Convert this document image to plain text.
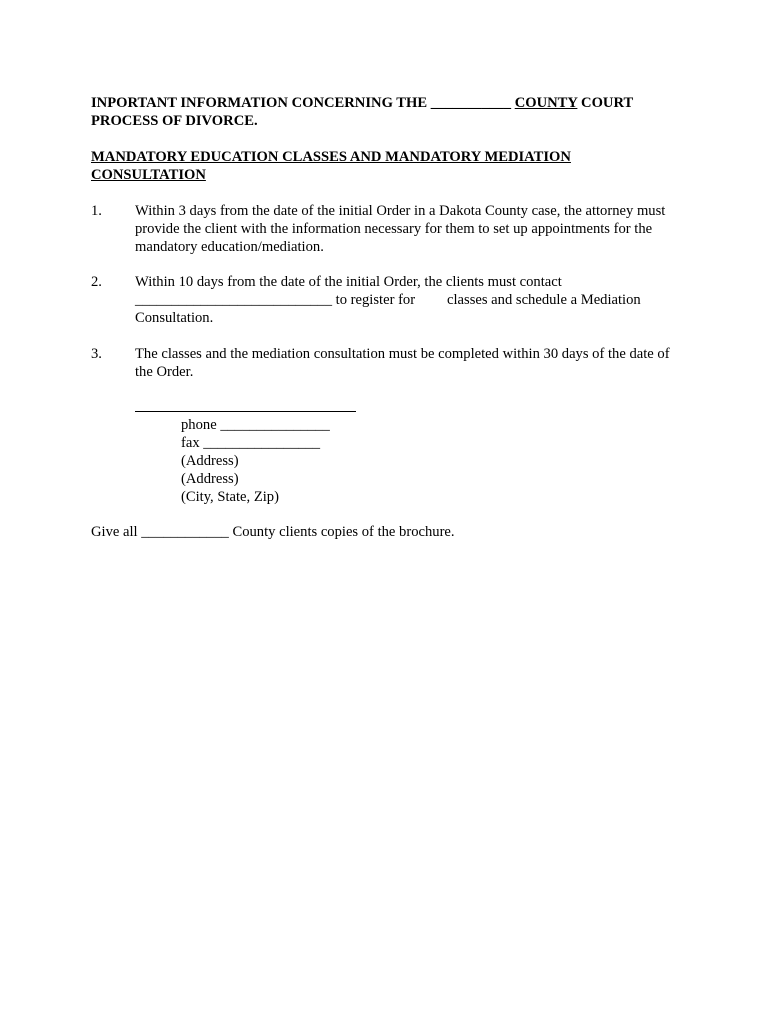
INPORTANT INFORMATION CONCERNING THE ___________ COUNTY COURT
PROCESS OF DIVORCE.
MANDATORY EDUCATION CLASSES AND MANDATORY MEDIATION
CONSULTATION
1. Within 3 days from the date of the initial Order in a Dakota County case, the attorney must
provide the client with the information necessary for them to set up appointments for the
mandatory education/mediation.
2. Within 10 days from the date of the initial Order, the clients must contact
___________________________ to register for classes and schedule a Mediation
Consultation.
3. The classes and the mediation consultation must be completed within 30 days of the date of
the Order.
phone _______________
fax ________________
(Address)
(Address)
(City, State, Zip)
Give all ____________ County clients copies of the brochure.
